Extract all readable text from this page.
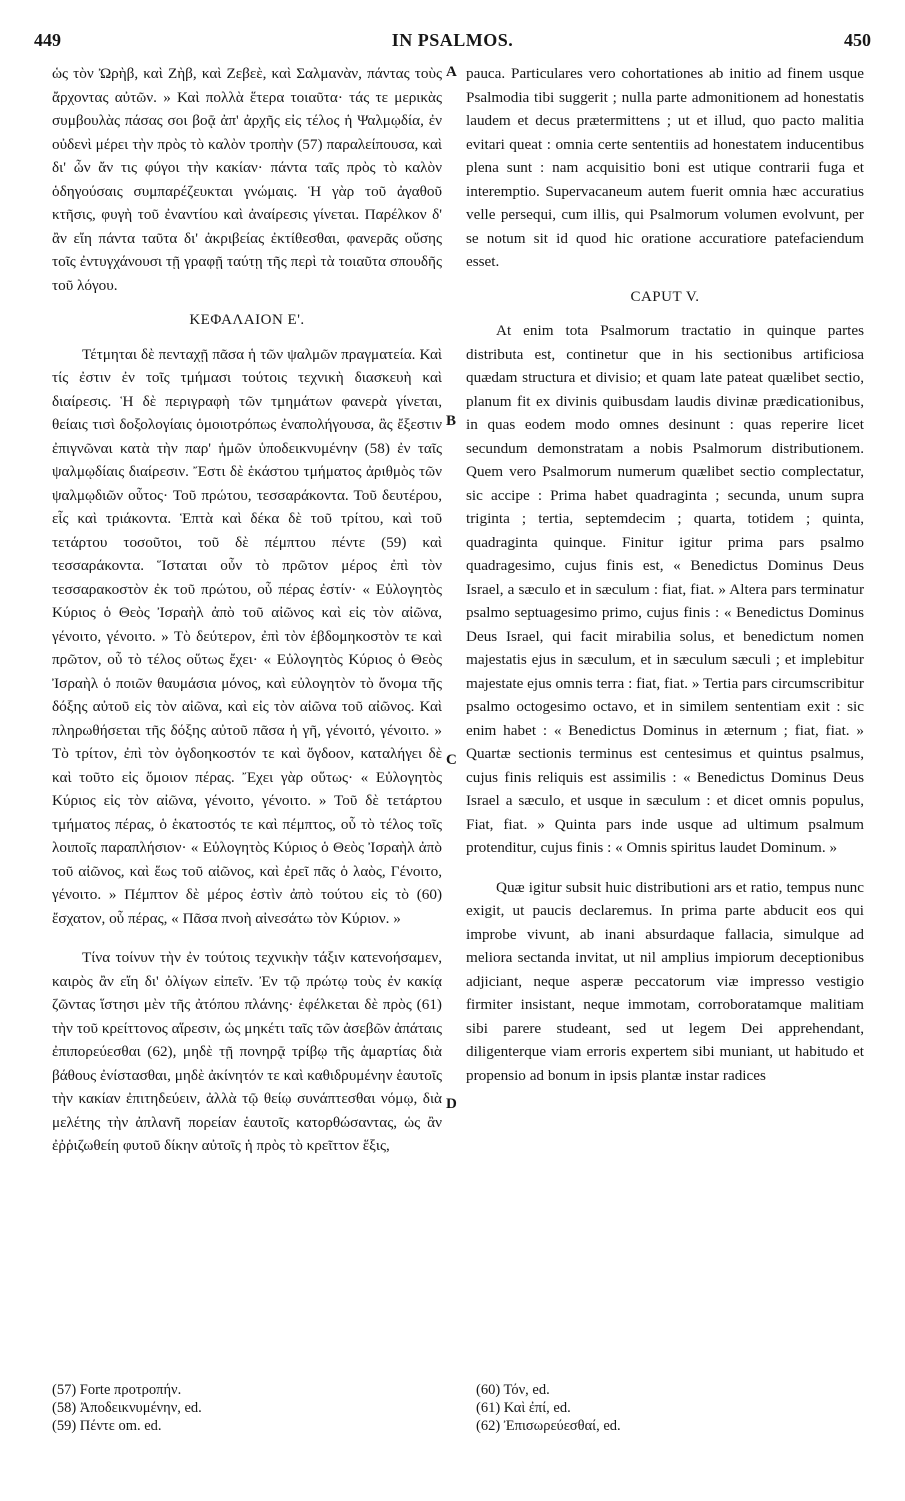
449	IN PSALMOS.	450
A
B
C
D

ὡς τὸν Ὠρὴβ, καὶ Ζὴβ, καὶ Ζεβεὲ, καὶ Σαλμανὰν, πάντας τοὺς ἄρχοντας αὐτῶν. » Καὶ πολλὰ ἕτερα τοιαῦτα· τάς τε μερικὰς συμβουλὰς πάσας σοι βοᾷ ἀπ' ἀρχῆς εἰς τέλος ἡ Ψαλμῳδία, ἐν οὐδενὶ μέρει τὴν πρὸς τὸ καλὸν τροπὴν (57) παραλείπουσα, καὶ δι' ὧν ἄν τις φύγοι τὴν κακίαν· πάντα ταῖς πρὸς τὸ καλὸν ὁδηγούσαις συμπαρέζευκται γνώμαις. Ἡ γὰρ τοῦ ἀγαθοῦ κτῆσις, φυγὴ τοῦ ἐναντίου καὶ ἀναίρεσις γίνεται. Παρέλκον δ' ἂν εἴη πάντα ταῦτα δι' ἀκριβείας ἐκτίθεσθαι, φανερᾶς οὔσης τοῖς ἐντυγχάνουσι τῇ γραφῇ ταύτῃ τῆς περὶ τὰ τοιαῦτα σπουδῆς τοῦ λόγου.

ΚΕΦΑΛΑΙΟΝ Ε'.

Τέτμηται δὲ πενταχῇ πᾶσα ἡ τῶν ψαλμῶν πραγματεία. Καὶ τίς ἐστιν ἐν τοῖς τμήμασι τούτοις τεχνικὴ διασκευὴ καὶ διαίρεσις. Ἡ δὲ περιγραφὴ τῶν τμημάτων φανερὰ γίνεται, θείαις τισὶ δοξολογίαις ὁμοιοτρόπως ἐναπολήγουσα, ἃς ἔξεστιν ἐπιγνῶναι κατὰ τὴν παρ' ἡμῶν ὑποδεικνυμένην (58) ἐν ταῖς ψαλμῳδίαις διαίρεσιν. Ἔστι δὲ ἑκάστου τμήματος ἀριθμὸς τῶν ψαλμῳδιῶν οὗτος· Τοῦ πρώτου, τεσσαράκοντα. Τοῦ δευτέρου, εἷς καὶ τριάκοντα. Ἑπτὰ καὶ δέκα δὲ τοῦ τρίτου, καὶ τοῦ τετάρτου τοσοῦτοι, τοῦ δὲ πέμπτου πέντε (59) καὶ τεσσαράκοντα. Ἵσταται οὖν τὸ πρῶτον μέρος ἐπὶ τὸν τεσσαρακοστὸν ἐκ τοῦ πρώτου, οὗ πέρας ἐστίν· « Εὐλογητὸς Κύριος ὁ Θεὸς Ἰσραὴλ ἀπὸ τοῦ αἰῶνος καὶ εἰς τὸν αἰῶνα, γένοιτο, γένοιτο. » Τὸ δεύτερον, ἐπὶ τὸν ἑβδομηκοστὸν τε καὶ πρῶτον, οὗ τὸ τέλος οὕτως ἔχει· « Εὐλογητὸς Κύριος ὁ Θεὸς Ἰσραὴλ ὁ ποιῶν θαυμάσια μόνος, καὶ εὐλογητὸν τὸ ὄνομα τῆς δόξης αὐτοῦ εἰς τὸν αἰῶνα, καὶ εἰς τὸν αἰῶνα τοῦ αἰῶνος. Καὶ πληρωθήσεται τῆς δόξης αὐτοῦ πᾶσα ἡ γῆ, γένοιτό, γένοιτο. » Τὸ τρίτον, ἐπὶ τὸν ὀγδοηκοστόν τε καὶ ὄγδοον, καταλήγει δὲ καὶ τοῦτο εἰς ὅμοιον πέρας. Ἔχει γὰρ οὕτως· « Εὐλογητὸς Κύριος εἰς τὸν αἰῶνα, γένοιτο, γένοιτο. » Τοῦ δὲ τετάρτου τμήματος πέρας, ὁ ἑκατοστός τε καὶ πέμπτος, οὗ τὸ τέλος τοῖς λοιποῖς παραπλήσιον· « Εὐλογητὸς Κύριος ὁ Θεὸς Ἰσραὴλ ἀπὸ τοῦ αἰῶνος, καὶ ἕως τοῦ αἰῶνος, καὶ ἐρεῖ πᾶς ὁ λαὸς, Γένοιτο, γένοιτο. » Πέμπτον δὲ μέρος ἐστὶν ἀπὸ τούτου εἰς τὸ (60) ἔσχατον, οὗ πέρας, « Πᾶσα πνοὴ αἰνεσάτω τὸν Κύριον. »

Τίνα τοίνυν τὴν ἐν τούτοις τεχνικὴν τάξιν κατενοήσαμεν, καιρὸς ἂν εἴη δι' ὀλίγων εἰπεῖν. Ἐν τῷ πρώτῳ τοὺς ἐν κακίᾳ ζῶντας ἵστησι μὲν τῆς ἀτόπου πλάνης· ἐφέλκεται δὲ πρὸς (61) τὴν τοῦ κρείττονος αἵρεσιν, ὡς μηκέτι ταῖς τῶν ἀσεβῶν ἀπάταις ἐπιπορεύεσθαι (62), μηδὲ τῇ πονηρᾷ τρίβῳ τῆς ἁμαρτίας διὰ βάθους ἐνίστασθαι, μηδὲ ἀκίνητόν τε καὶ καθιδρυμένην ἑαυτοῖς τὴν κακίαν ἐπιτηδεύειν, ἀλλὰ τῷ θείῳ συνάπτεσθαι νόμῳ, διὰ μελέτης τὴν ἀπλανῆ πορείαν ἑαυτοῖς κατορθώσαντας, ὡς ἂν ἐῤῥιζωθείη φυτοῦ δίκην αὐτοῖς ἡ πρὸς τὸ κρεῖττον ἕξις,

pauca. Particulares vero cohortationes ab initio ad finem usque Psalmodia tibi suggerit ; nulla parte admonitionem ad honestatis laudem et decus prætermittens ; ut et illud, quo pacto malitia evitari queat : omnia certe sententiis ad honestatem inducentibus plena sunt : nam acquisitio boni est utique contrarii fuga et interemptio. Supervacaneum autem fuerit omnia hæc accuratius velle persequi, cum illis, qui Psalmorum volumen evolvunt, per se notum sit id quod hic oratione accuratiore patefaciendum esset.

CAPUT V.

At enim tota Psalmorum tractatio in quinque partes distributa est, continetur que in his sectionibus artificiosa quædam structura et divisio; et quam late pateat quælibet sectio, planum fit ex divinis quibusdam laudis divinæ prædicationibus, in quas eodem modo omnes desinunt : quas reperire licet secundum demonstratam a nobis Psalmorum distributionem. Quem vero Psalmorum numerum quælibet sectio complectatur, sic accipe : Prima habet quadraginta ; secunda, unum supra triginta ; tertia, septemdecim ; quarta, totidem ; quinta, quadraginta quinque. Finitur igitur prima pars psalmo quadragesimo, cujus finis est, « Benedictus Dominus Deus Israel, a sæculo et in sæculum : fiat, fiat. » Altera pars terminatur psalmo septuagesimo primo, cujus finis : « Benedictus Dominus Deus Israel, qui facit mirabilia solus, et benedictum nomen majestatis ejus in sæculum, et in sæculum sæculi ; et implebitur majestate ejus omnis terra : fiat, fiat. » Tertia pars circumscribitur psalmo octogesimo octavo, et in similem sententiam exit : sic enim habet : « Benedictus Dominus in æternum ; fiat, fiat. » Quartæ sectionis terminus est centesimus et quintus psalmus, cujus finis reliquis est assimilis : « Benedictus Dominus Deus Israel a sæculo, et usque in sæculum : et dicet omnis populus, Fiat, fiat. » Quinta pars inde usque ad ultimum psalmum protenditur, cujus finis : « Omnis spiritus laudet Dominum. »

Quæ igitur subsit huic distributioni ars et ratio, tempus nunc exigit, ut paucis declaremus. In prima parte abducit eos qui improbe vivunt, ab inani absurdaque fallacia, simulque ad meliora sectanda invitat, ut nil amplius impiorum deceptionibus adjiciant, neque asperæ peccatorum viæ impresso vestigio firmiter insistant, neque immotam, corroboratamque malitiam sibi parere studeant, sed ut legem Dei apprehendant, diligenterque viam erroris expertem sibi muniant, ut habitudo et propensio ad bonum in ipsis plantæ instar radices

(57) Forte προτροπήν.
(58) Ἀποδεικνυμένην, ed.
(59) Πέντε om. ed.
(60) Τόν, ed.
(61) Καὶ ἐπί, ed.
(62) Ἐπισωρεύεσθαί, ed.
